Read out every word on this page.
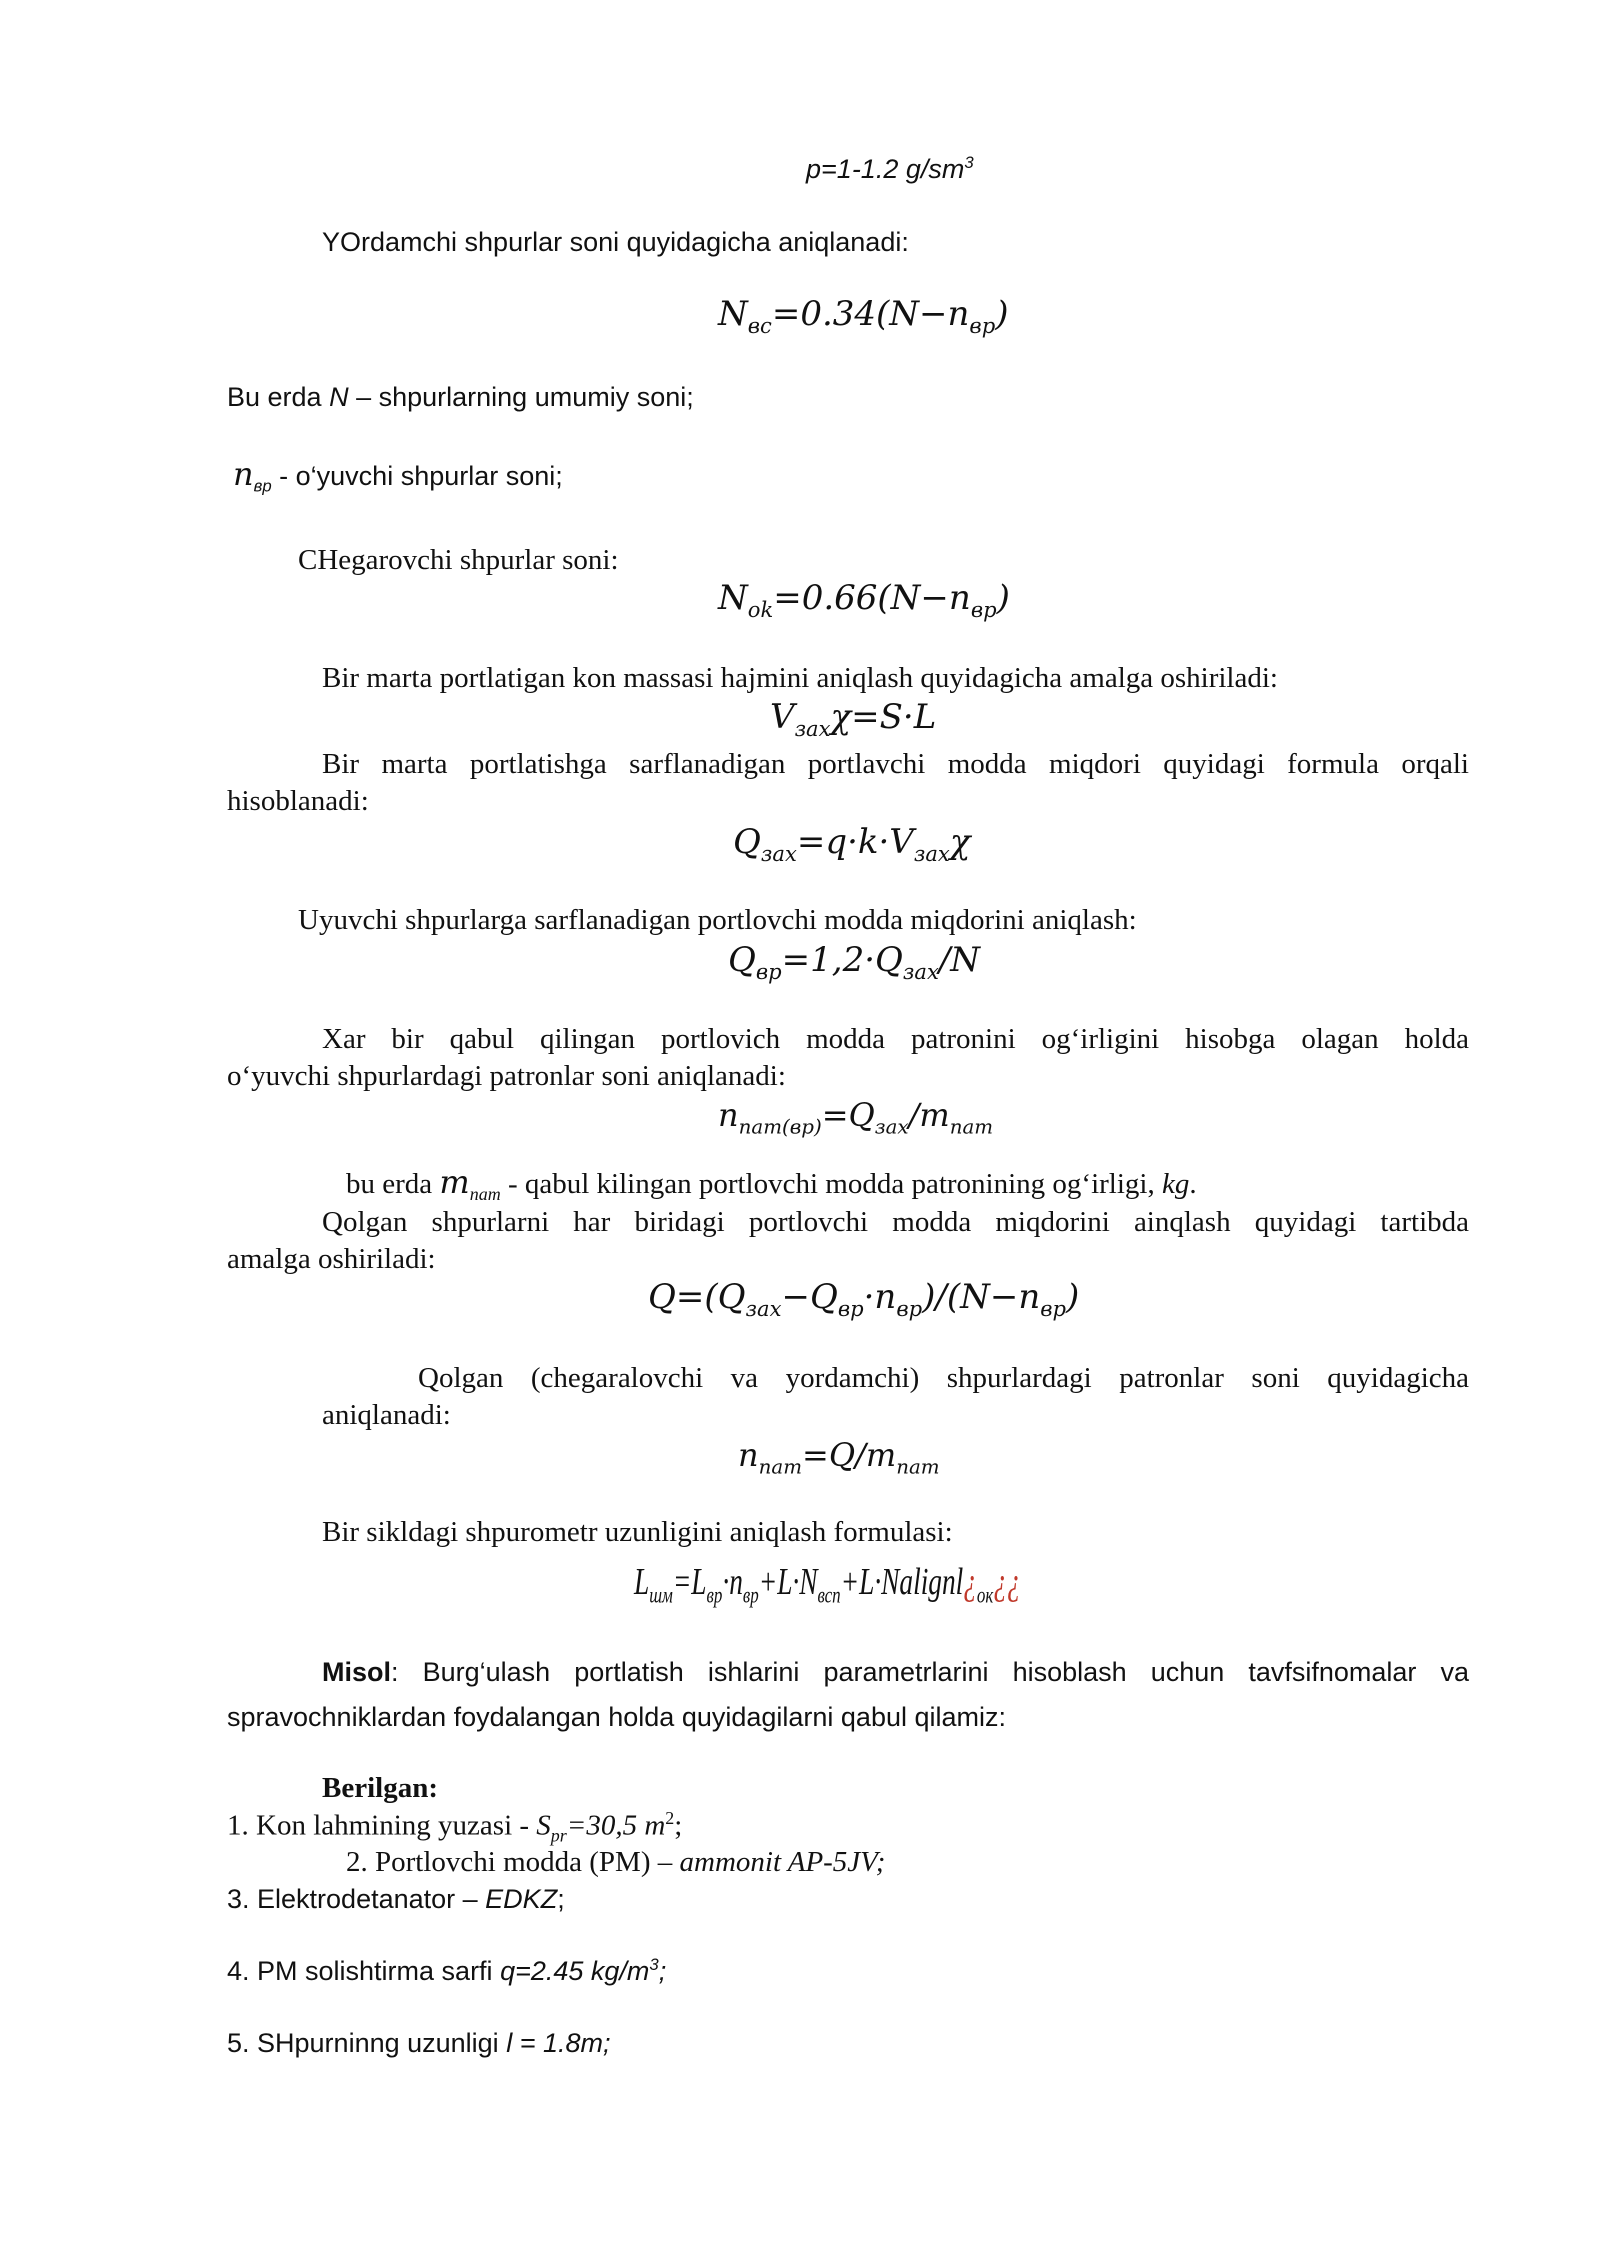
p=1-1.2 $g/sm^3$
YOrdamchi shpurlar soni quyidagicha aniqlanadi:
$N_{вс}=0.34(N-n_{вр})$
Bu erda N – shpurlarning umumiy soni;
$n_{вр}$ - o‘yuvchi shpurlar soni;
CHegarovchi shpurlar soni:
$N_{ok}=0.66(N-n_{вр})$
Bir marta portlatigan kon massasi hajmini aniqlash quyidagicha amalga oshiriladi:
$V_{зах}\chi=S\cdot L$
Bir marta portlatishga sarflanadigan portlavchi modda miqdori quyidagi formula orqali
hisoblanadi:
$Q_{зах}=q\cdot k\cdot V_{зах}\chi$
Uyuvchi shpurlarga sarflanadigan portlovchi modda miqdorini aniqlash:
$Q_{вр}=1,2\cdot Q_{зах}/N$
Xar bir qabul qilingan portlovich modda patronini og‘irligini hisobga olagan holda
o‘yuvchi shpurlardagi patronlar soni aniqlanadi:
$n_{пат(вр)}=Q_{зах}/m_{пат}$
bu erda $m_{пат}$ - qabul kilingan portlovchi modda patronining og‘irligi, kg.
Qolgan shpurlarni har biridagi portlovchi modda miqdorini ainqlash quyidagi tartibda
amalga oshiriladi:
$Q=(Q_{зах}-Q_{вр}\cdot n_{вр})/(N-n_{вр})$
Qolgan (chegaralovchi va yordamchi) shpurlardagi patronlar soni quyidagicha
aniqlanadi:
$n_{пат}=Q/m_{пат}$
Bir sikldagi shpurometr uzunligini aniqlash formulasi:
$L_{шм}=L_{вр}\cdot n_{вр}+L\cdot N_{всп}+L\cdot Nalignl¿_{ок}¿¿$
Misol: Burg‘ulash portlatish ishlarini parametrlarini hisoblash uchun tavfsifnomalar va
spravochniklardan foydalangan holda quyidagilarni qabul qilamiz:
Berilgan:
1. Kon lahmining yuzasi - $S_{pr}=30,5$ $m^2$;
2. Portlovchi modda (PM) – ammonit AP-5JV;
3. Elektrodetanator – EDKZ;
4. PM solishtirma sarfi q=2.45 $kg/m^3$;
5. SHpurninng uzunligi l = 1.8m;
